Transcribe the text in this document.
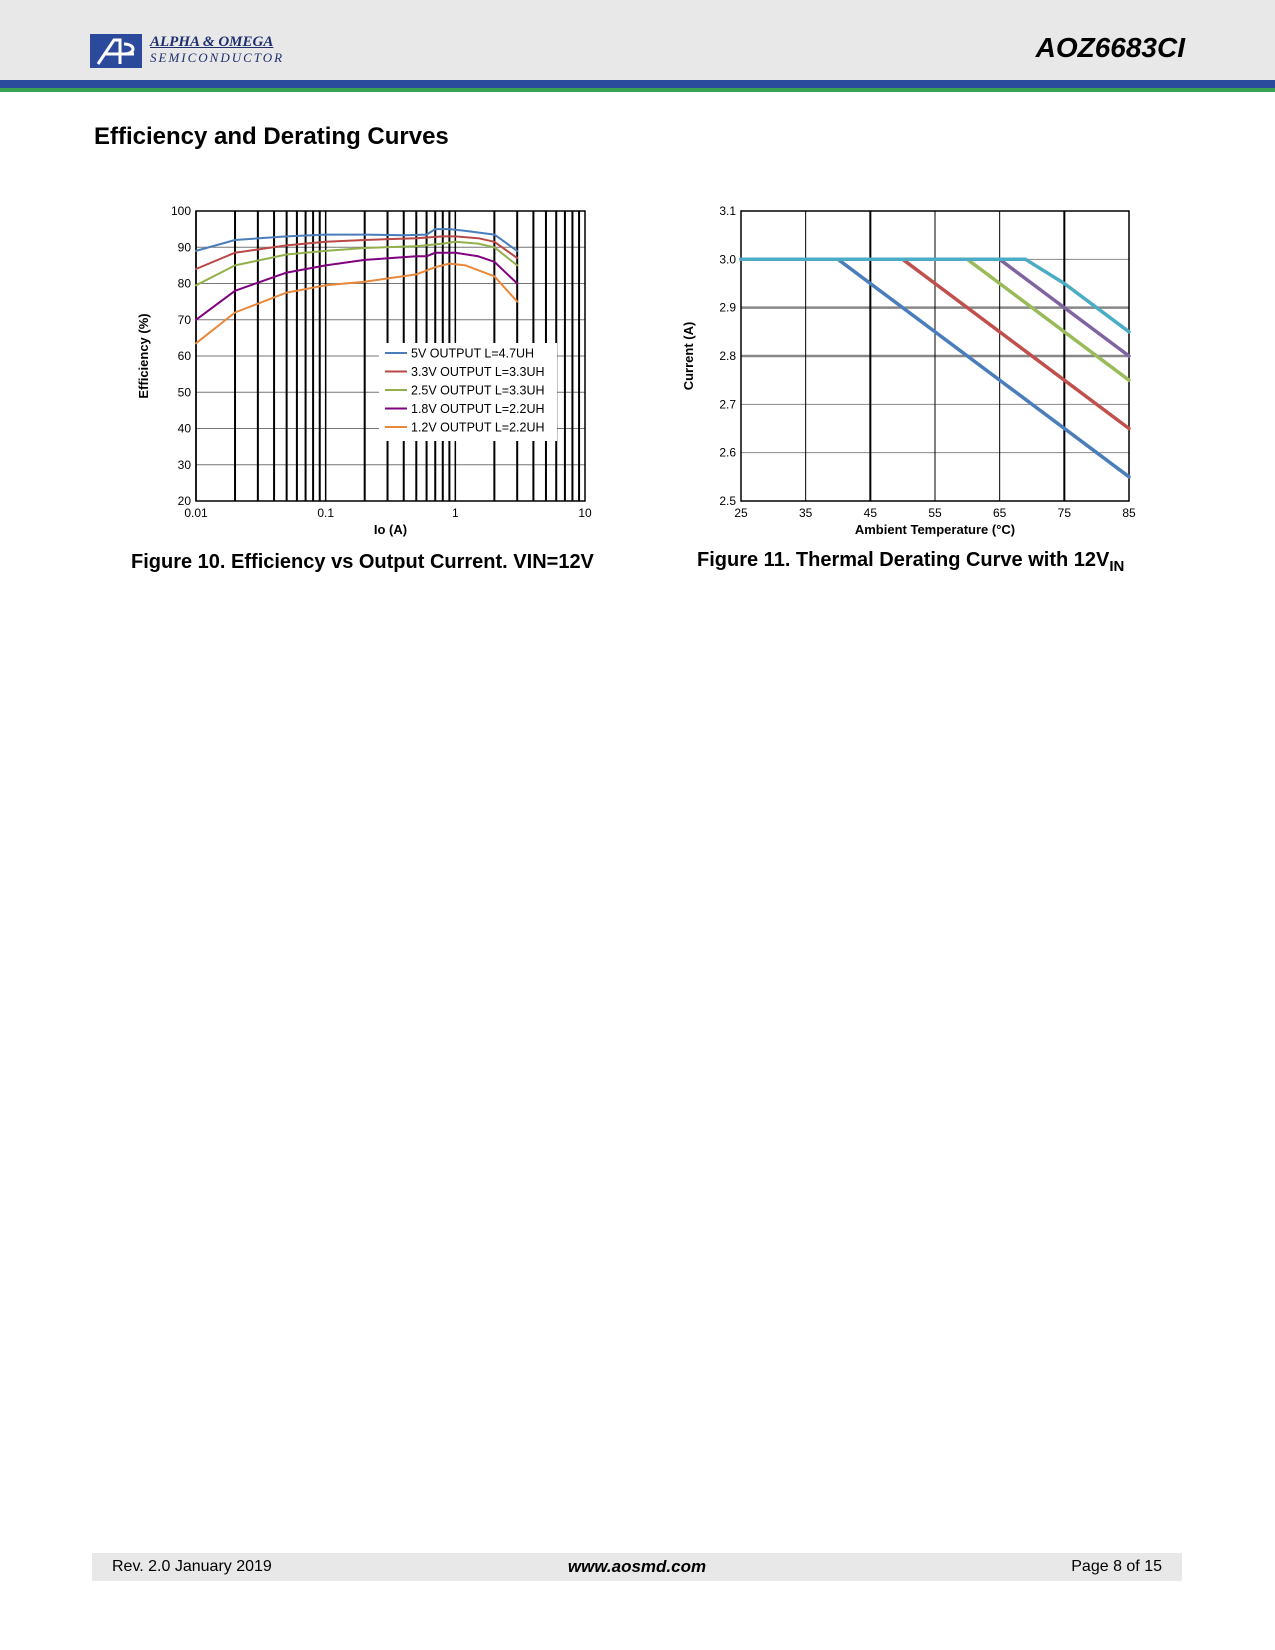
ALPHA & OMEGA
SEMICONDUCTOR	AOZ6683CI
Efficiency and Derating Curves
20
30
40
50
60
70
80
90
100
0.01	0.1	1	10
Io (A)
Efficiency (%)	5V OUTPUT L=4.7UH
3.3V OUTPUT L=3.3UH
2.5V OUTPUT L=3.3UH
1.8V OUTPUT L=2.2UH
1.2V OUTPUT L=2.2UH
Figure 10. Efficiency vs Output Current. VIN=12V
2.5
2.6
2.7
2.8
2.9
3.0
3.1
25	35	45	55	65	75	85
Ambient Temperature (°C)
Current (A)
Figure 11. Thermal Derating Curve with $12V_{IN}$
Rev. 2.0 January 2019	www.aosmd.com	Page 8 of 15
